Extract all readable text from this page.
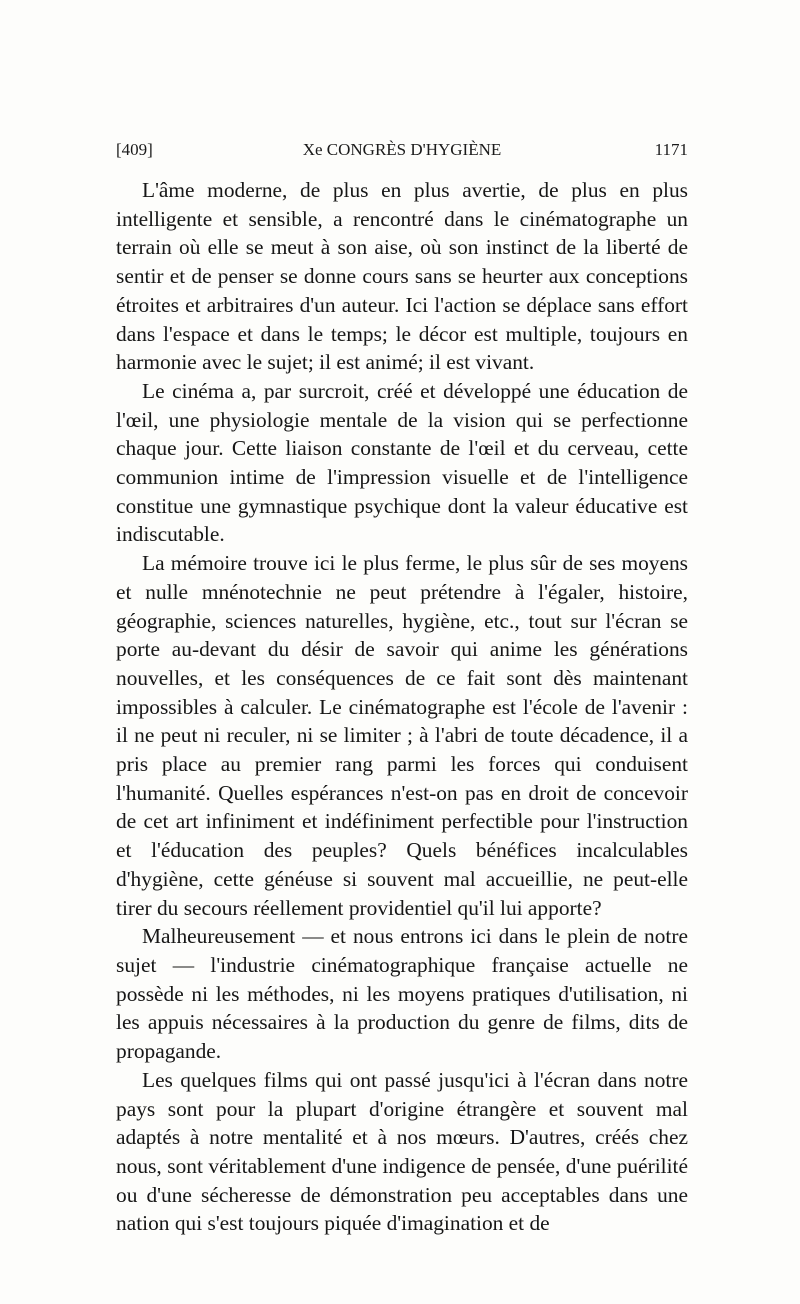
[409]	Xe CONGRÈS D'HYGIÈNE	1171

L'âme moderne, de plus en plus avertie, de plus en plus intelligente et sensible, a rencontré dans le cinématographe un terrain où elle se meut à son aise, où son instinct de la liberté de sentir et de penser se donne cours sans se heurter aux conceptions étroites et arbitraires d'un auteur. Ici l'action se déplace sans effort dans l'espace et dans le temps; le décor est multiple, toujours en harmonie avec le sujet; il est animé; il est vivant.

Le cinéma a, par surcroit, créé et développé une éducation de l'œil, une physiologie mentale de la vision qui se perfectionne chaque jour. Cette liaison constante de l'œil et du cerveau, cette communion intime de l'impression visuelle et de l'intelligence constitue une gymnastique psychique dont la valeur éducative est indiscutable.

La mémoire trouve ici le plus ferme, le plus sûr de ses moyens et nulle mnénotechnie ne peut prétendre à l'égaler, histoire, géographie, sciences naturelles, hygiène, etc., tout sur l'écran se porte au-devant du désir de savoir qui anime les générations nouvelles, et les conséquences de ce fait sont dès maintenant impossibles à calculer. Le cinématographe est l'école de l'avenir : il ne peut ni reculer, ni se limiter ; à l'abri de toute décadence, il a pris place au premier rang parmi les forces qui conduisent l'humanité. Quelles espérances n'est-on pas en droit de concevoir de cet art infiniment et indéfiniment perfectible pour l'instruction et l'éducation des peuples? Quels bénéfices incalculables d'hygiène, cette généuse si souvent mal accueillie, ne peut-elle tirer du secours réellement providentiel qu'il lui apporte?

Malheureusement — et nous entrons ici dans le plein de notre sujet — l'industrie cinématographique française actuelle ne possède ni les méthodes, ni les moyens pratiques d'utilisation, ni les appuis nécessaires à la production du genre de films, dits de propagande.

Les quelques films qui ont passé jusqu'ici à l'écran dans notre pays sont pour la plupart d'origine étrangère et souvent mal adaptés à notre mentalité et à nos mœurs. D'autres, créés chez nous, sont véritablement d'une indigence de pensée, d'une puérilité ou d'une sécheresse de démonstration peu acceptables dans une nation qui s'est toujours piquée d'imagination et de
